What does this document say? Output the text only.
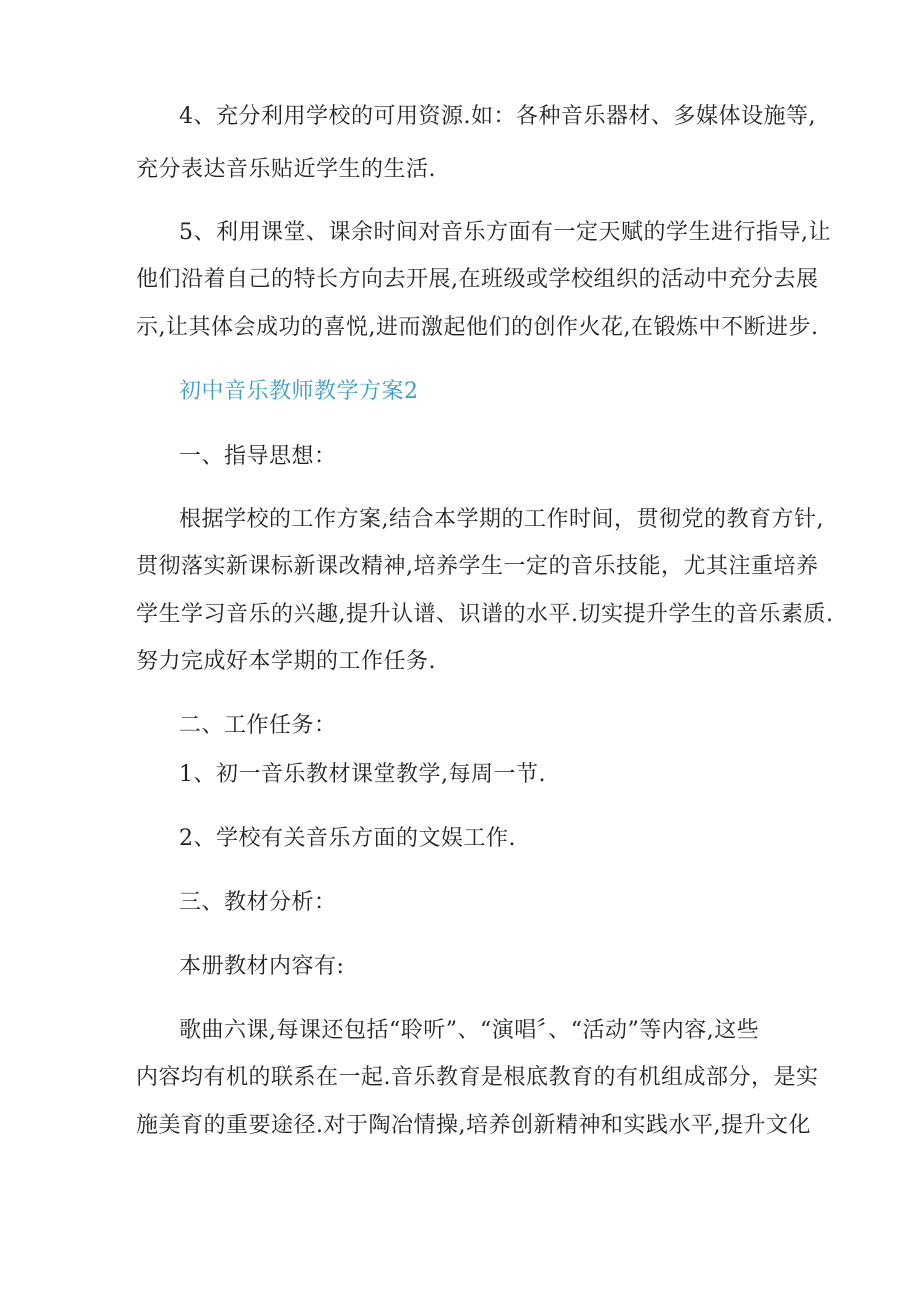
4、充分利用学校的可用资源.如：各种音乐器材、多媒体设施等,
充分表达音乐贴近学生的生活.
5、利用课堂、课余时间对音乐方面有一定天赋的学生进行指导,让
他们沿着自己的特长方向去开展,在班级或学校组织的活动中充分去展
示,让其体会成功的喜悦,进而激起他们的创作火花,在锻炼中不断进步.
初中音乐教师教学方案2
一、指导思想：
根据学校的工作方案,结合本学期的工作时间，贯彻党的教育方针,
贯彻落实新课标新课改精神,培养学生一定的音乐技能，尤其注重培养
学生学习音乐的兴趣,提升认谱、识谱的水平.切实提升学生的音乐素质.
努力完成好本学期的工作任务.
二、工作任务：
1、初一音乐教材课堂教学,每周一节.
2、学校有关音乐方面的文娱工作.
三、教材分析：
本册教材内容有:
歌曲六课,每课还包括“聆听”、“演唱〞、“活动”等内容,这些
内容均有机的联系在一起.音乐教育是根底教育的有机组成部分，是实
施美育的重要途径.对于陶冶情操,培养创新精神和实践水平,提升文化
